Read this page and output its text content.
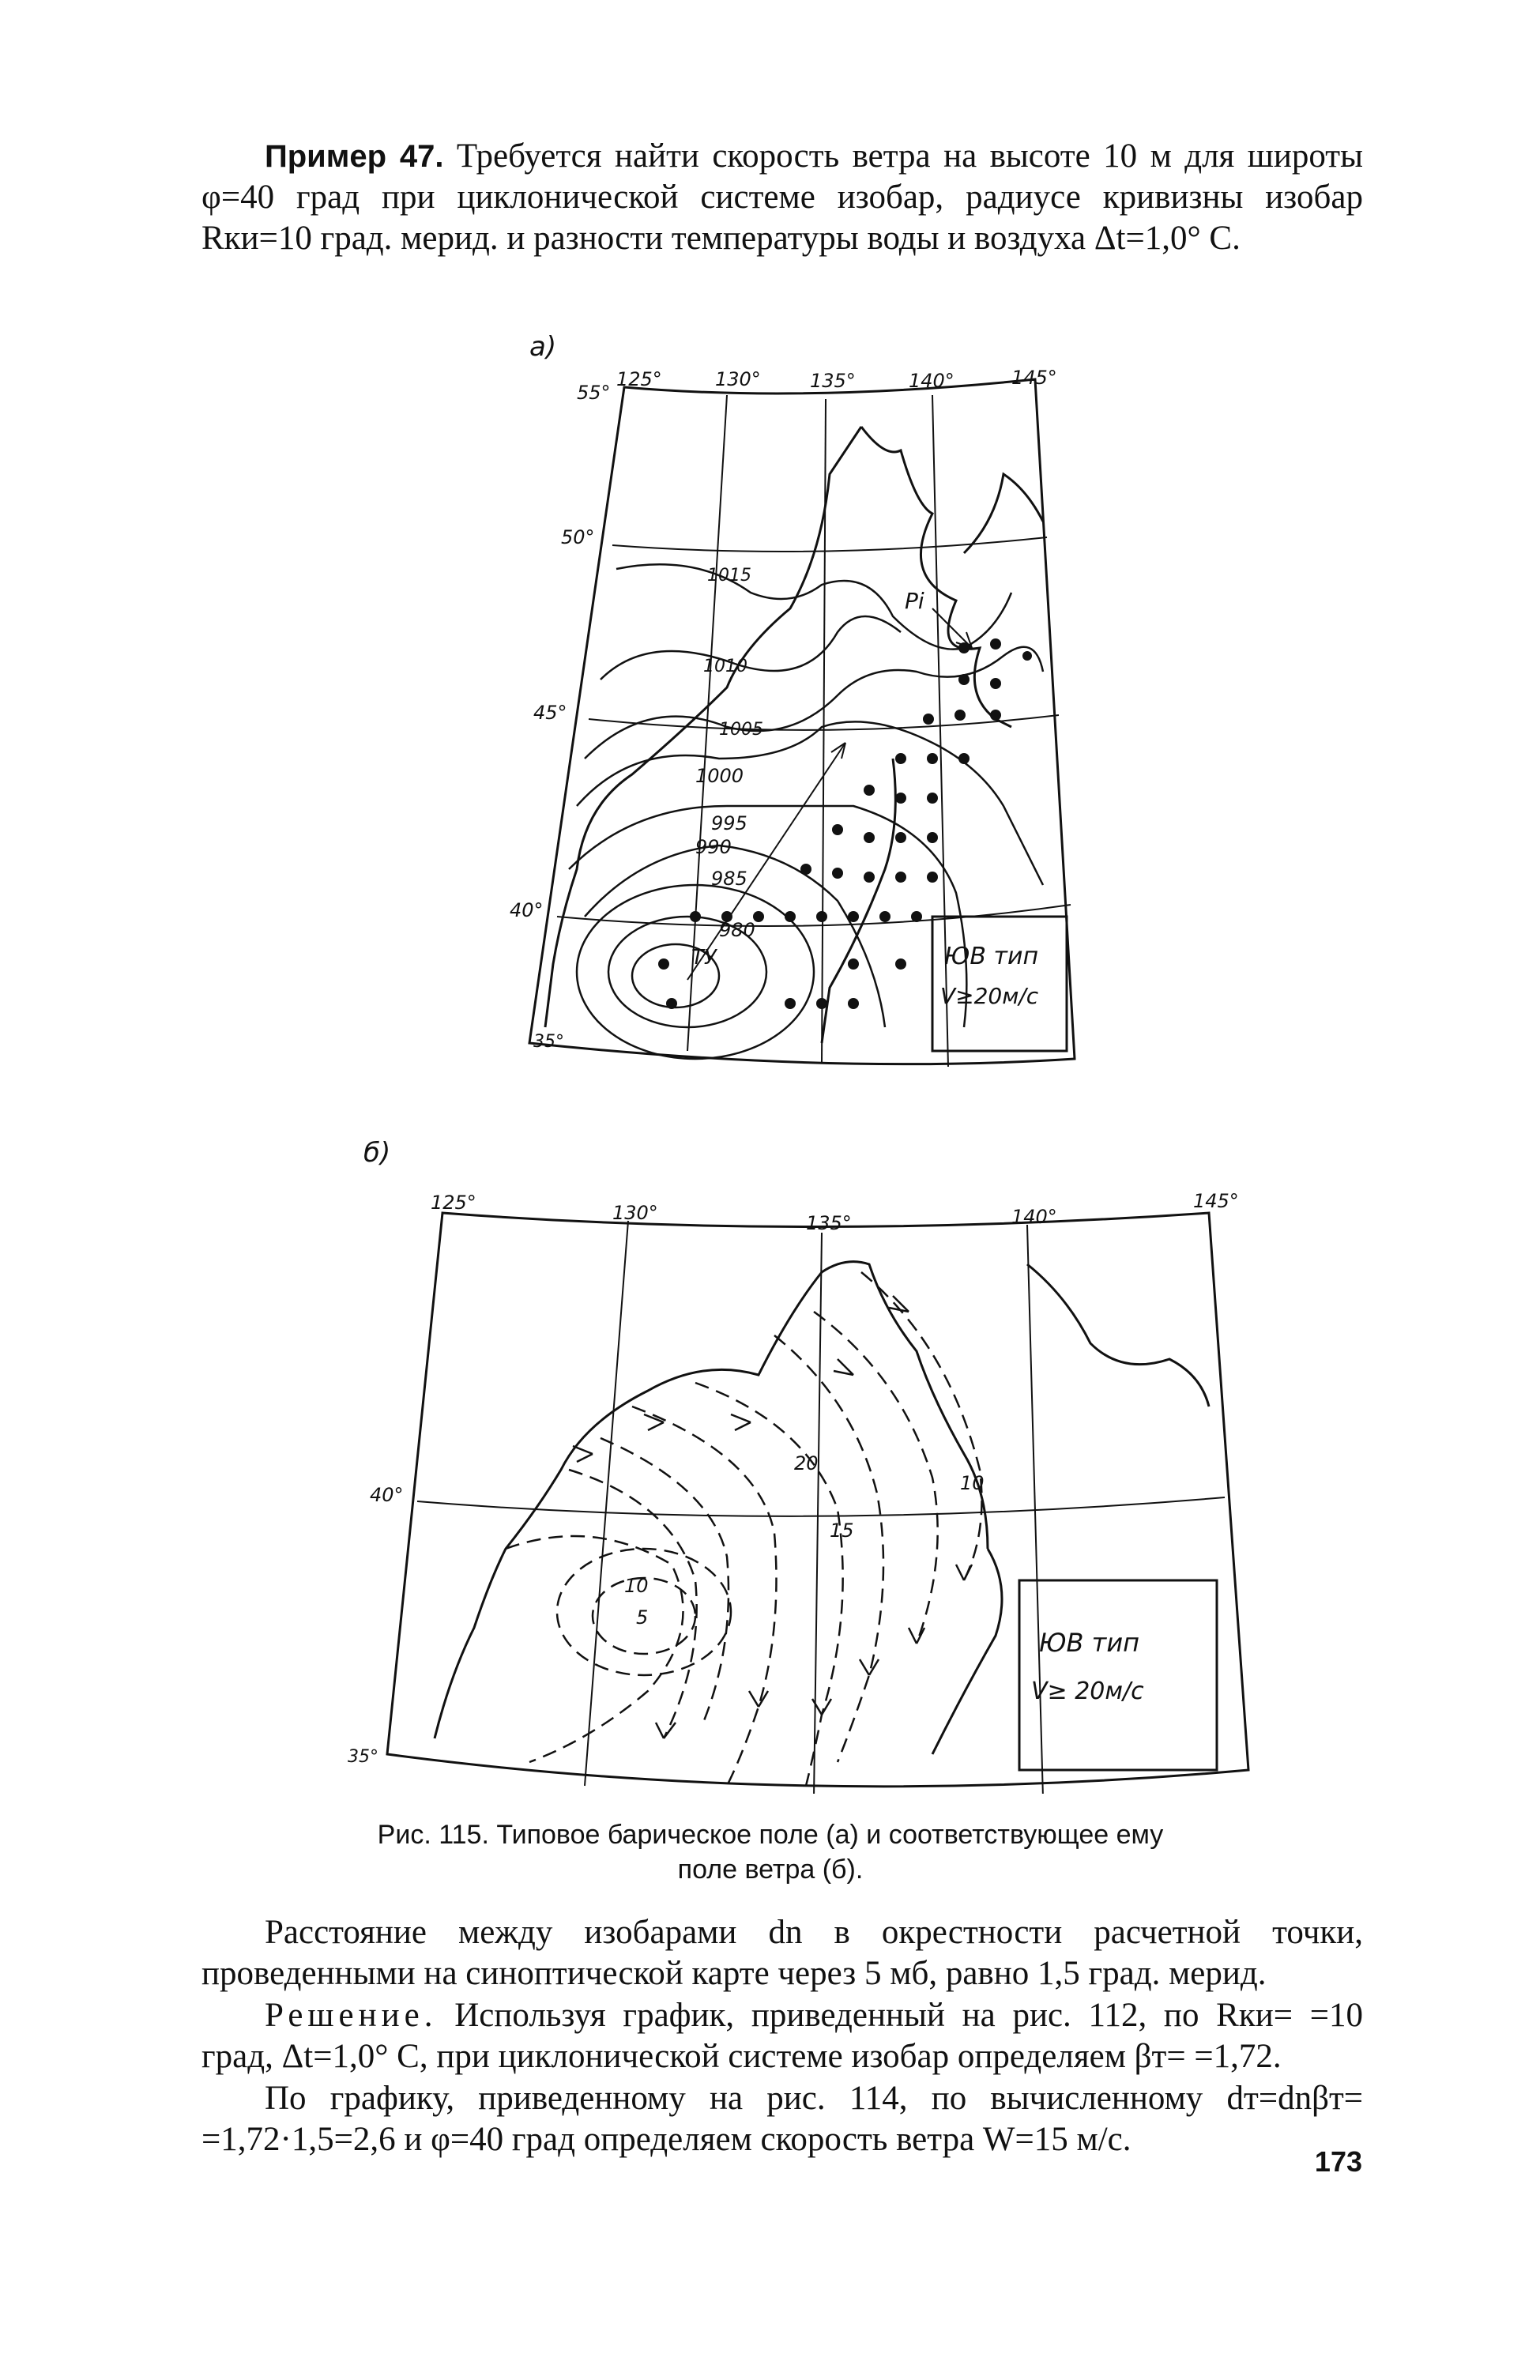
Пример 47. Требуется найти скорость ветра на высоте 10 м для широты φ=40 град при циклонической системе изобар, радиусе кривизны изобар Rки=10 град. мерид. и разности температуры воды и воздуха Δt=1,0° С.

а)
125°	130°	135°	140°	145°
55°
50°
45°
40°
35°
1015
1010
1005
1000
995
990
985
980
Pi
ТУ	ЮВ тип
V≥20м/с
б)
125°	130°	135°	140°
145°
40°
35°
5
10
15
20
10
ЮВ тип
V≥ 20м/с
Рис. 115. Типовое барическое поле (а) и соответствующее ему
поле ветра (б).

Расстояние между изобарами dn в окрестности расчетной точки, проведенными на синоптической карте через 5 мб, равно 1,5 град. мерид.

Решение. Используя график, приведенный на рис. 112, по Rки= =10 град, Δt=1,0° С, при циклонической системе изобар определяем βт= =1,72.

По графику, приведенному на рис. 114, по вычисленному dт=dnβт= =1,72·1,5=2,6 и φ=40 град определяем скорость ветра W=15 м/с.

173
